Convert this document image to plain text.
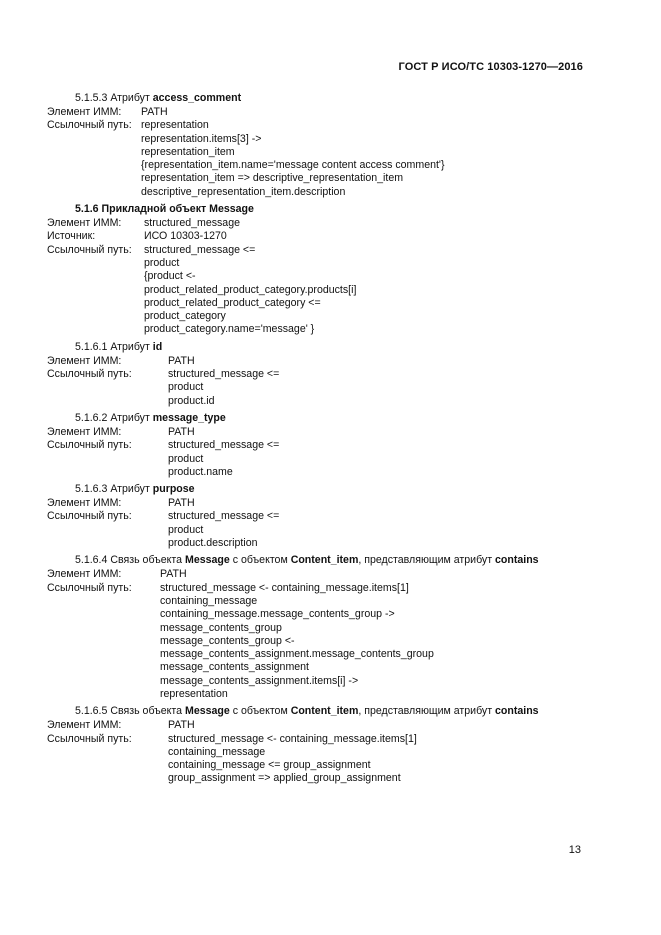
ГОСТ Р ИСО/ТС 10303-1270—2016
5.1.5.3 Атрибут access_comment
Элемент ИММ:	PATH
Ссылочный путь: representation
representation.items[3] ->
representation_item
{representation_item.name='message content access comment'}
representation_item => descriptive_representation_item
descriptive_representation_item.description
5.1.6 Прикладной объект Message
Элемент ИММ:	structured_message
Источник:	ИСО 10303-1270
Ссылочный путь:	structured_message <=
product
{product <-
product_related_product_category.products[i]
product_related_product_category <=
product_category
product_category.name='message' }
5.1.6.1 Атрибут id
Элемент ИММ:	PATH
Ссылочный путь:	structured_message <=
product
product.id
5.1.6.2 Атрибут message_type
Элемент ИММ:	PATH
Ссылочный путь:	structured_message <=
product
product.name
5.1.6.3 Атрибут purpose
Элемент ИММ:	PATH
Ссылочный путь:	structured_message <=
product
product.description
5.1.6.4 Связь объекта Message с объектом Content_item, представляющим атрибут contains
Элемент ИММ:	PATH
Ссылочный путь:	structured_message <- containing_message.items[1]
containing_message
containing_message.message_contents_group ->
message_contents_group
message_contents_group <-
message_contents_assignment.message_contents_group
message_contents_assignment
message_contents_assignment.items[i] ->
representation
5.1.6.5 Связь объекта Message с объектом Content_item, представляющим атрибут contains
Элемент ИММ:	PATH
Ссылочный путь:	structured_message <- containing_message.items[1]
containing_message
containing_message <= group_assignment
group_assignment => applied_group_assignment
13
